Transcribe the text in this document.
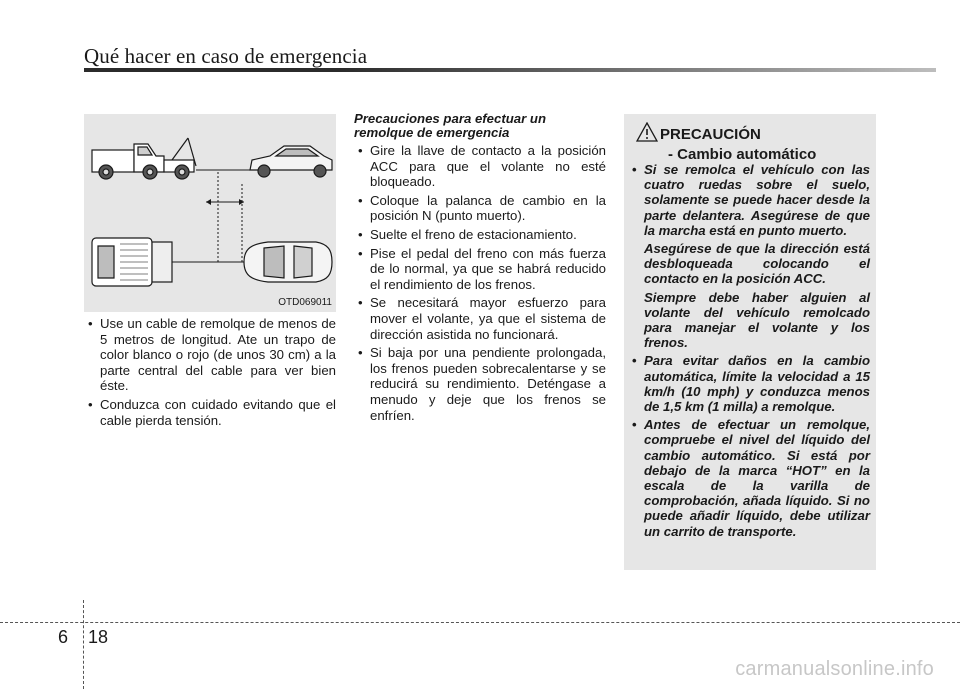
Qué hacer en caso de emergencia
OTD069011
• Use un cable de remolque de menos de 5 metros de longitud. Ate un trapo de color blanco o rojo (de unos 30 cm) a la parte central del cable para ver bien éste.
• Conduzca con cuidado evitando que el cable pierda tensión.
Precauciones para efectuar un remolque de emergencia
• Gire la llave de contacto a la posición ACC para que el volante no esté bloqueado.
• Coloque la palanca de cambio en la posición N (punto muerto).
• Suelte el freno de estacionamiento.
• Pise el pedal del freno con más fuerza de lo normal, ya que se habrá reducido el rendimiento de los frenos.
• Se necesitará mayor esfuerzo para mover el volante, ya que el sistema de dirección asistida no funcionará.
• Si baja por una pendiente prolongada, los frenos pueden sobrecalentarse y se reducirá su rendimiento. Deténgase a menudo y deje que los frenos se enfríen.
PRECAUCIÓN
- Cambio automático
• Si se remolca el vehículo con las cuatro ruedas sobre el suelo, solamente se puede hacer desde la parte delantera. Asegúrese de que la marcha está en punto muerto.
Asegúrese de que la dirección está desbloqueada colocando el contacto en la posición ACC.
Siempre debe haber alguien al volante del vehículo remolcado para manejar el volante y los frenos.
• Para evitar daños en la cambio automática, límite la velocidad a 15 km/h (10 mph) y conduzca menos de 1,5 km (1 milla) a remolque.
• Antes de efectuar un remolque, compruebe el nivel del líquido del cambio automático. Si está por debajo de la marca “HOT” en la escala de la varilla de comprobación, añada líquido. Si no puede añadir líquido, debe utilizar un carrito de transporte.
6 18
carmanualsonline.info
